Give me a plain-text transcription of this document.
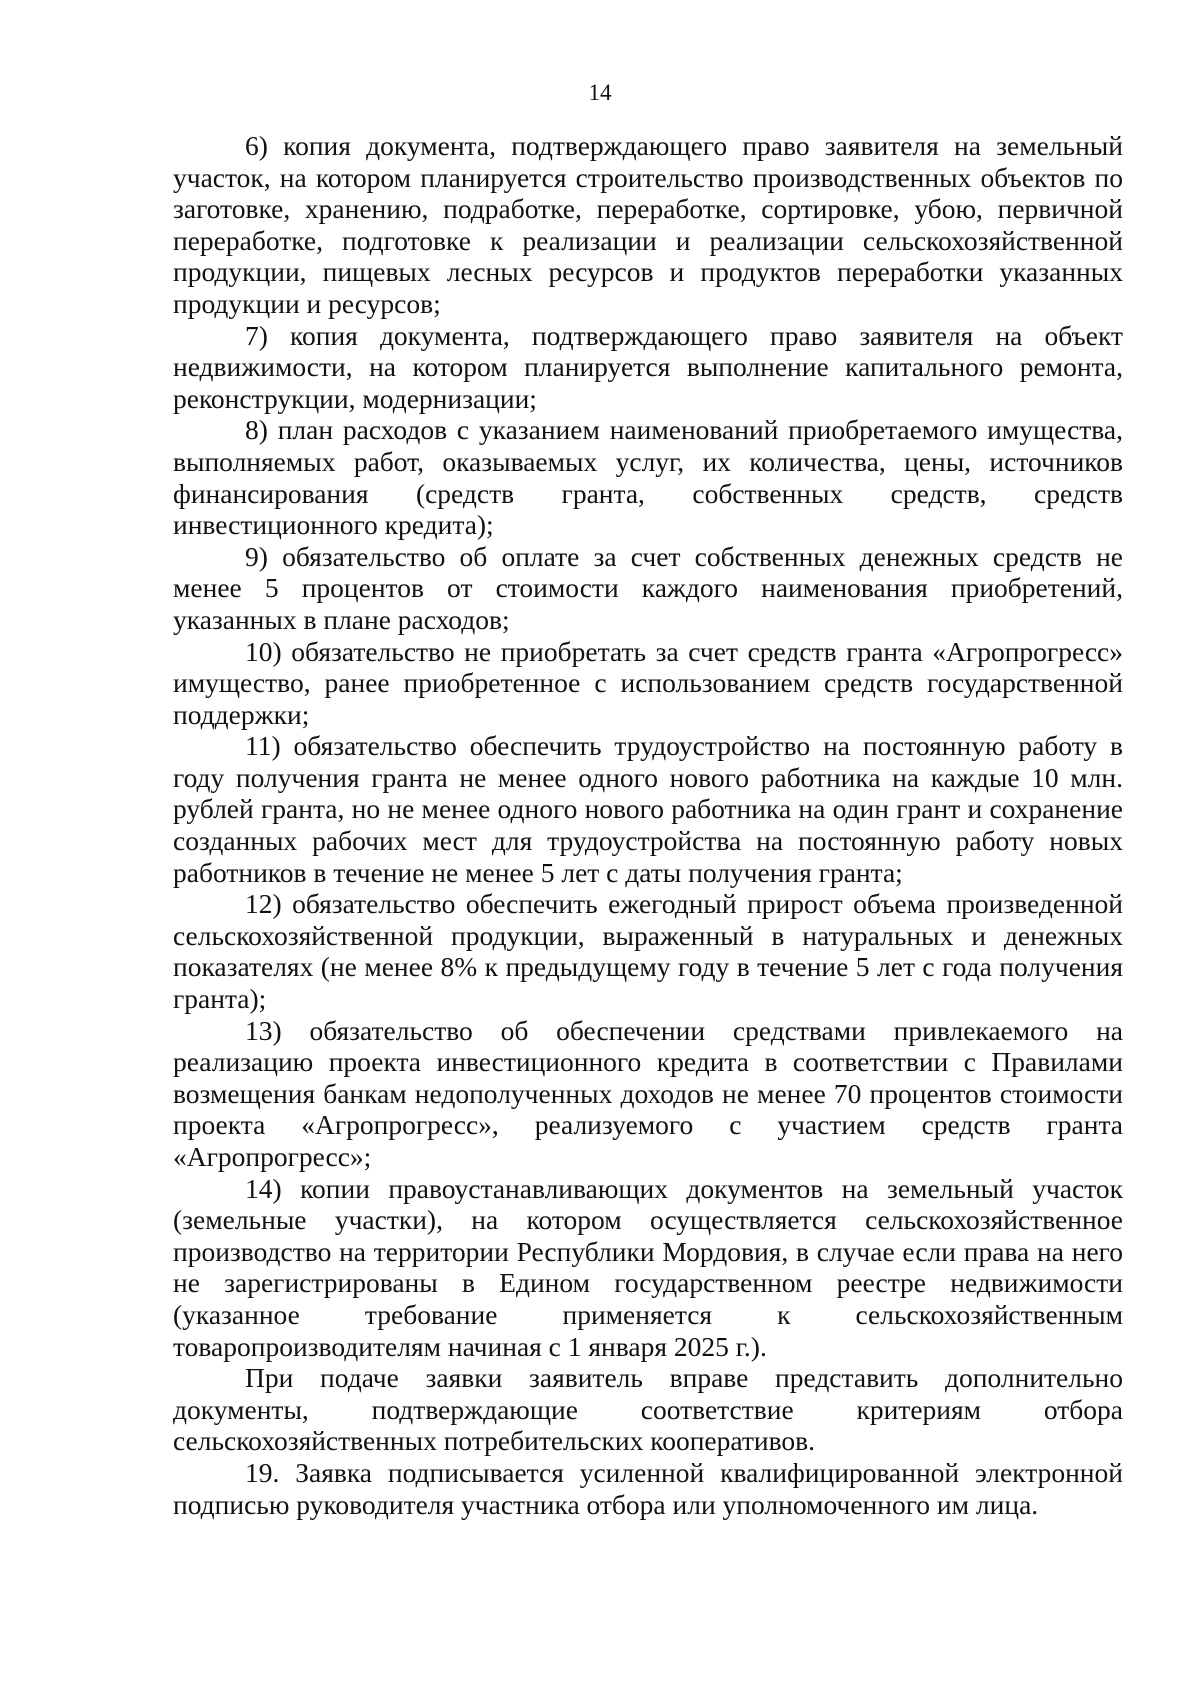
14

6) копия документа, подтверждающего право заявителя на земельный участок, на котором планируется строительство производственных объектов по заготовке, хранению, подработке, переработке, сортировке, убою, первичной переработке, подготовке к реализации и реализации сельскохозяйственной продукции, пищевых лесных ресурсов и продуктов переработки указанных продукции и ресурсов;

7) копия документа, подтверждающего право заявителя на объект недвижимости, на котором планируется выполнение капитального ремонта, реконструкции, модернизации;

8) план расходов с указанием наименований приобретаемого имущества, выполняемых работ, оказываемых услуг, их количества, цены, источников финансирования (средств гранта, собственных средств, средств инвестиционного кредита);

9) обязательство об оплате за счет собственных денежных средств не менее 5 процентов от стоимости каждого наименования приобретений, указанных в плане расходов;

10) обязательство не приобретать за счет средств гранта «Агропрогресс» имущество, ранее приобретенное с использованием средств государственной поддержки;

11) обязательство обеспечить трудоустройство на постоянную работу в году получения гранта не менее одного нового работника на каждые 10 млн. рублей гранта, но не менее одного нового работника на один грант и сохранение созданных рабочих мест для трудоустройства на постоянную работу новых работников в течение не менее 5 лет с даты получения гранта;

12) обязательство обеспечить ежегодный прирост объема произведенной сельскохозяйственной продукции, выраженный в натуральных и денежных показателях (не менее 8% к предыдущему году в течение 5 лет с года получения гранта);

13) обязательство об обеспечении средствами привлекаемого на реализацию проекта инвестиционного кредита в соответствии с Правилами возмещения банкам недополученных доходов не менее 70 процентов стоимости проекта «Агропрогресс», реализуемого с участием средств гранта «Агропрогресс»;

14) копии правоустанавливающих документов на земельный участок (земельные участки), на котором осуществляется сельскохозяйственное производство на территории Республики Мордовия, в случае если права на него не зарегистрированы в Едином государственном реестре недвижимости (указанное требование применяется к сельскохозяйственным товаропроизводителям начиная с 1 января 2025 г.).

При подаче заявки заявитель вправе представить дополнительно документы, подтверждающие соответствие критериям отбора сельскохозяйственных потребительских кооперативов.

19. Заявка подписывается усиленной квалифицированной электронной подписью руководителя участника отбора или уполномоченного им лица.
